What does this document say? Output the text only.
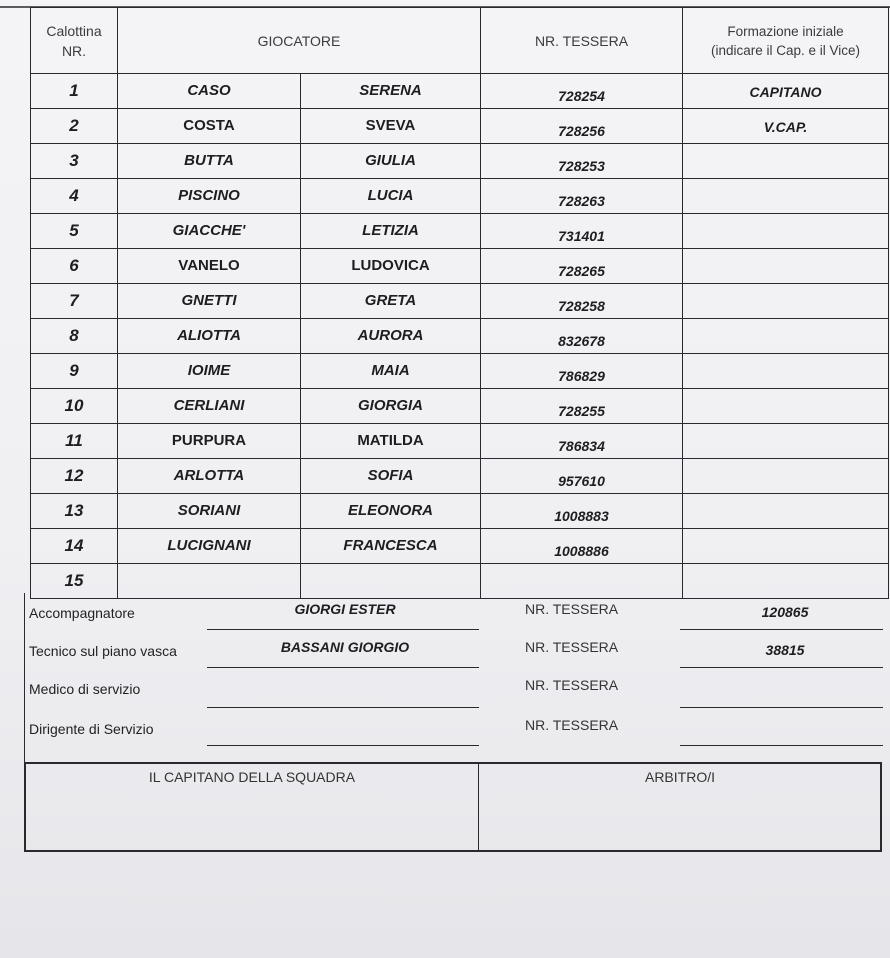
Calottina NR.	GIOCATORE		NR. TESSERA	Formazione iniziale
(indicare il Cap. e il Vice)

1	CASO	SERENA	728254	CAPITANO
2	COSTA	SVEVA	728256	V.CAP.
3	BUTTA	GIULIA	728253	
4	PISCINO	LUCIA	728263	
5	GIACCHE'	LETIZIA	731401	
6	VANELO	LUDOVICA	728265	
7	GNETTI	GRETA	728258	
8	ALIOTTA	AURORA	832678	
9	IOIME	MAIA	786829	
10	CERLIANI	GIORGIA	728255	
11	PURPURA	MATILDA	786834	
12	ARLOTTA	SOFIA	957610	
13	SORIANI	ELEONORA	1008883	
14	LUCIGNANI	FRANCESCA	1008886	
15				
Accompagnatore	GIORGI ESTER	NR. TESSERA	120865
Tecnico sul piano vasca	BASSANI GIORGIO	NR. TESSERA	38815
Medico di servizio	NR. TESSERA
Dirigente di Servizio	NR. TESSERA
IL CAPITANO DELLA SQUADRA	ARBITRO/I
